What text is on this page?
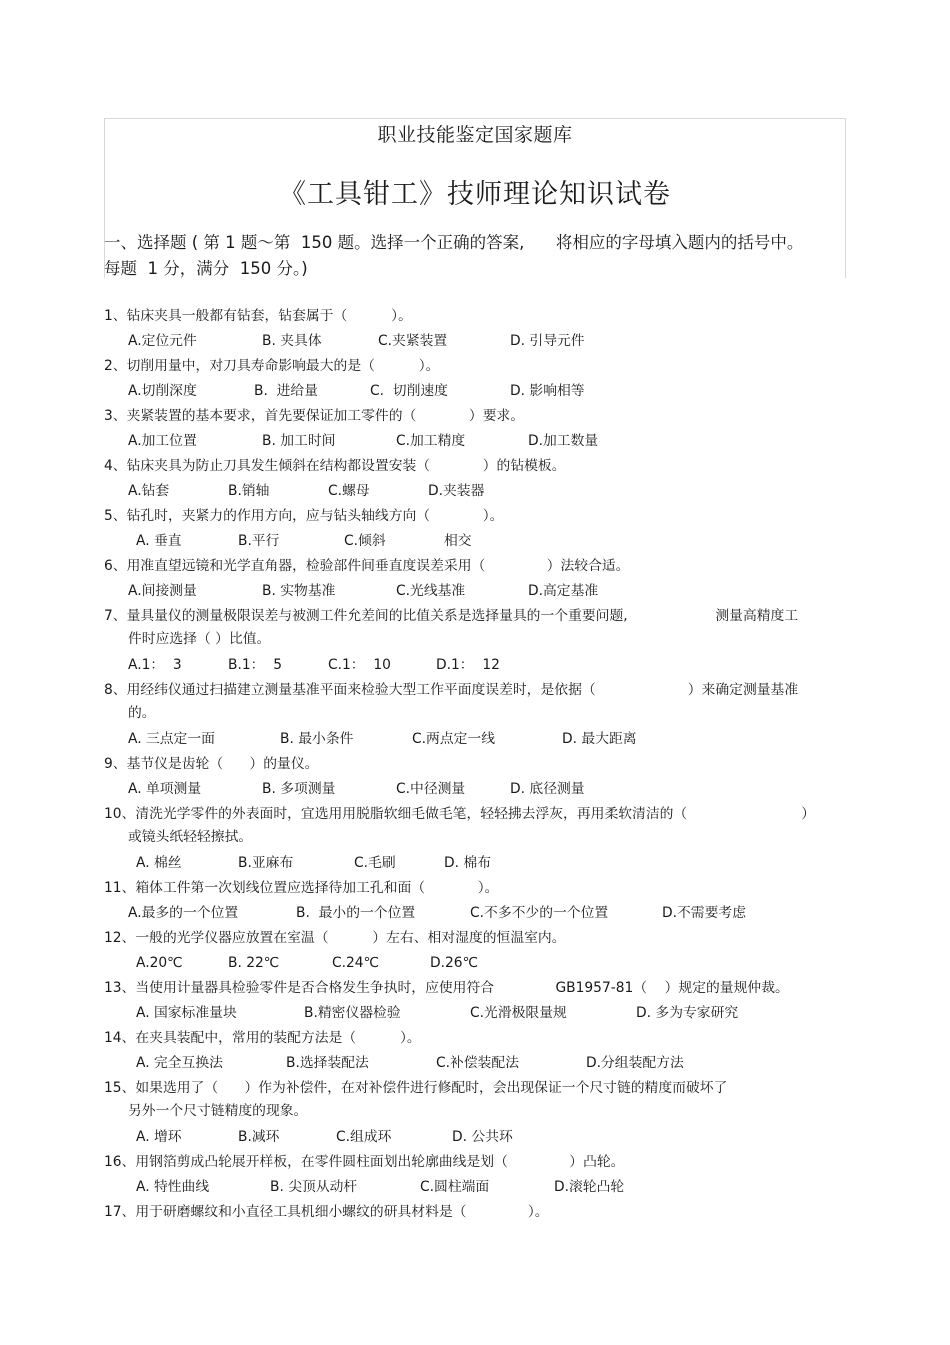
职业技能鉴定国家题库
《工具钳工》技师理论知识试卷
一、选择题 ( 第 1 题～第  150 题。选择一个正确的答案,      将相应的字母填入题内的括号中。
每题  1 分，满分  150 分。)
1、钻床夹具一般都有钻套，钻套属于（          ）。
A.定位元件	B. 夹具体	C.夹紧装置	D. 引导元件
2、切削用量中，对刀具寿命影响最大的是（          ）。
A.切削深度	B.  进给量	C.  切削速度	D. 影响相等
3、夹紧装置的基本要求，首先要保证加工零件的（            ）要求。
A.加工位置	B. 加工时间	C.加工精度	D.加工数量
4、钻床夹具为防止刀具发生倾斜在结构都设置安装（            ）的钻模板。
A.钻套	B.销轴	C.螺母	D.夹装器
5、钻孔时，夹紧力的作用方向，应与钻头轴线方向（            ）。
A. 垂直	B.平行	C.倾斜	相交
6、用准直望远镜和光学直角器，检验部件间垂直度误差采用（              ）法较合适。
A.间接测量	B. 实物基准	C.光线基准	D.高定基准
7、量具量仪的测量极限误差与被测工件允差间的比值关系是选择量具的一个重要问题,                    测量高精度工
件时应选择（ ）比值。
A.1：  3	B.1：  5	C.1：  10	D.1：  12
8、用经纬仪通过扫描建立测量基准平面来检验大型工作平面度误差时，是依据（                     ）来确定测量基准
的。
A. 三点定一面	B. 最小条件	C.两点定一线	D. 最大距离
9、基节仪是齿轮（      ）的量仪。
A. 单项测量	B. 多项测量	C.中径测量	D. 底径测量
10、清洗光学零件的外表面时，宜选用用脱脂软细毛做毛笔，轻轻拂去浮灰，再用柔软清洁的（                          ）
或镜头纸轻轻擦拭。
A. 棉丝	B.亚麻布	C.毛刷	D. 棉布
11、箱体工件第一次划线位置应选择待加工孔和面（            ）。
A.最多的一个位置	B.  最小的一个位置	C.不多不少的一个位置	D.不需要考虑
12、一般的光学仪器应放置在室温（          ）左右、相对湿度的恒温室内。
A.20℃	B. 22℃	C.24℃	D.26℃
13、当使用计量器具检验零件是否合格发生争执时，应使用符合              GB1957-81（    ）规定的量规仲裁。
A. 国家标准量块	B.精密仪器检验	C.光滑极限量规	D. 多为专家研究
14、在夹具装配中，常用的装配方法是（          ）。
A. 完全互换法	B.选择装配法	C.补偿装配法	D.分组装配方法
15、如果选用了（      ）作为补偿件，在对补偿件进行修配时，会出现保证一个尺寸链的精度而破坏了
另外一个尺寸链精度的现象。
A. 增环	B.减环	C.组成环	D. 公共环
16、用钢箔剪成凸轮展开样板，在零件圆柱面划出轮廓曲线是划（              ）凸轮。
A. 特性曲线	B. 尖顶从动杆	C.圆柱端面	D.滚轮凸轮
17、用于研磨螺纹和小直径工具机细小螺纹的研具材料是（              ）。
